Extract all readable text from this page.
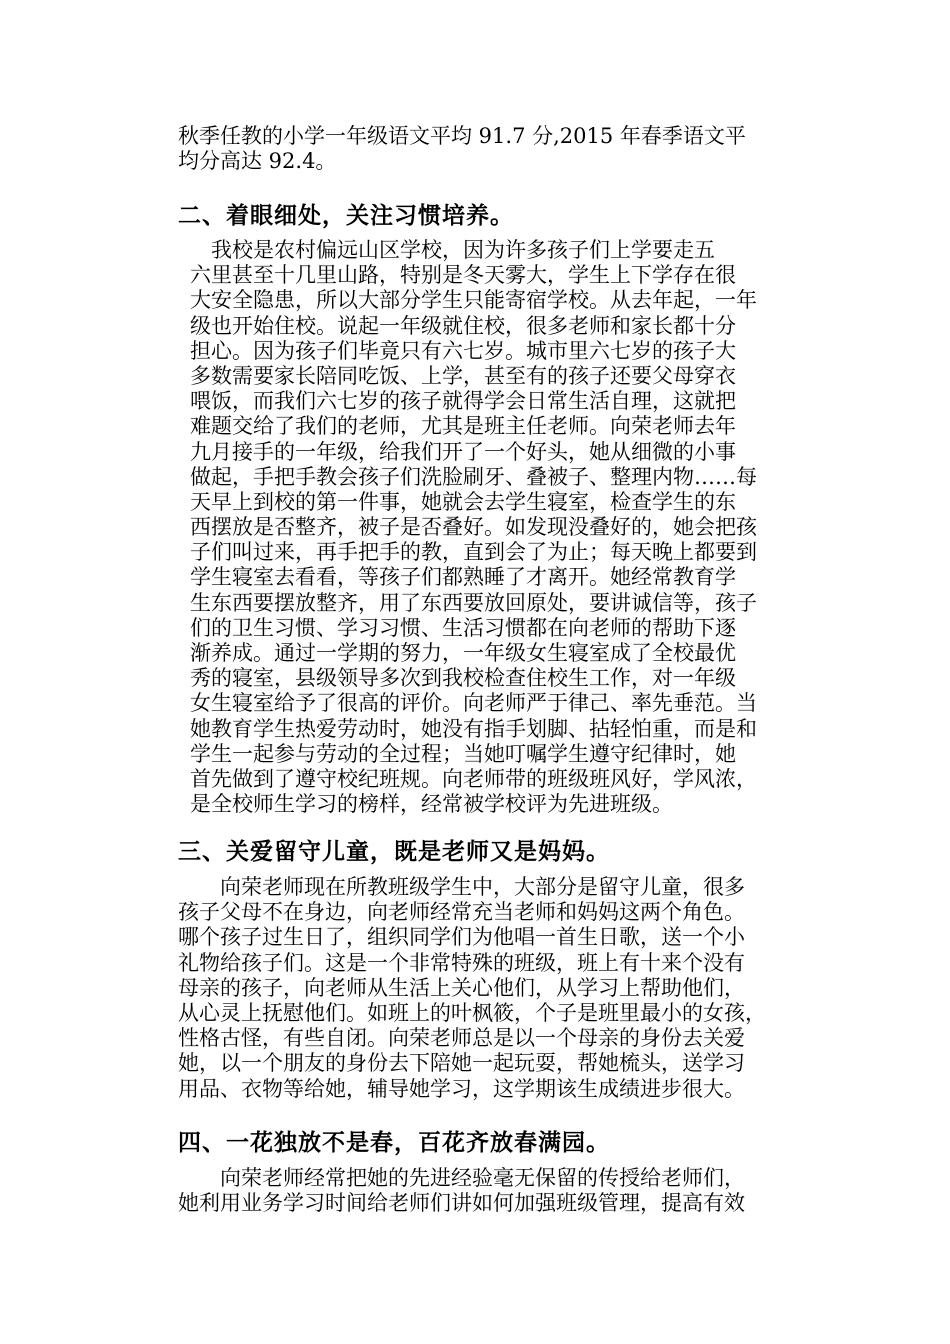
秋季任教的小学一年级语文平均 91.7 分,2015 年春季语文平
均分高达 92.4。
二、着眼细处，关注习惯培养。
　我校是农村偏远山区学校，因为许多孩子们上学要走五
六里甚至十几里山路，特别是冬天雾大，学生上下学存在很
大安全隐患，所以大部分学生只能寄宿学校。从去年起，一年
级也开始住校。说起一年级就住校，很多老师和家长都十分
担心。因为孩子们毕竟只有六七岁。城市里六七岁的孩子大
多数需要家长陪同吃饭、上学，甚至有的孩子还要父母穿衣
喂饭，而我们六七岁的孩子就得学会日常生活自理，这就把
难题交给了我们的老师，尤其是班主任老师。向荣老师去年
九月接手的一年级，给我们开了一个好头，她从细微的小事
做起，手把手教会孩子们洗脸刷牙、叠被子、整理内物……每
天早上到校的第一件事，她就会去学生寝室，检查学生的东
西摆放是否整齐，被子是否叠好。如发现没叠好的，她会把孩
子们叫过来，再手把手的教，直到会了为止；每天晚上都要到
学生寝室去看看，等孩子们都熟睡了才离开。她经常教育学
生东西要摆放整齐，用了东西要放回原处，要讲诚信等，孩子
们的卫生习惯、学习习惯、生活习惯都在向老师的帮助下逐
渐养成。通过一学期的努力，一年级女生寝室成了全校最优
秀的寝室，县级领导多次到我校检查住校生工作，对一年级
女生寝室给予了很高的评价。向老师严于律己、率先垂范。当
她教育学生热爱劳动时，她没有指手划脚、拈轻怕重，而是和
学生一起参与劳动的全过程；当她叮嘱学生遵守纪律时，她
首先做到了遵守校纪班规。向老师带的班级班风好，学风浓，
是全校师生学习的榜样，经常被学校评为先进班级。
三、关爱留守儿童，既是老师又是妈妈。
　　向荣老师现在所教班级学生中，大部分是留守儿童，很多
孩子父母不在身边，向老师经常充当老师和妈妈这两个角色。
哪个孩子过生日了，组织同学们为他唱一首生日歌，送一个小
礼物给孩子们。这是一个非常特殊的班级，班上有十来个没有
母亲的孩子，向老师从生活上关心他们，从学习上帮助他们，
从心灵上抚慰他们。如班上的叶枫筱，个子是班里最小的女孩，
性格古怪，有些自闭。向荣老师总是以一个母亲的身份去关爱
她，以一个朋友的身份去下陪她一起玩耍，帮她梳头，送学习
用品、衣物等给她，辅导她学习，这学期该生成绩进步很大。
四、一花独放不是春，百花齐放春满园。
　　向荣老师经常把她的先进经验毫无保留的传授给老师们，
她利用业务学习时间给老师们讲如何加强班级管理，提高有效
